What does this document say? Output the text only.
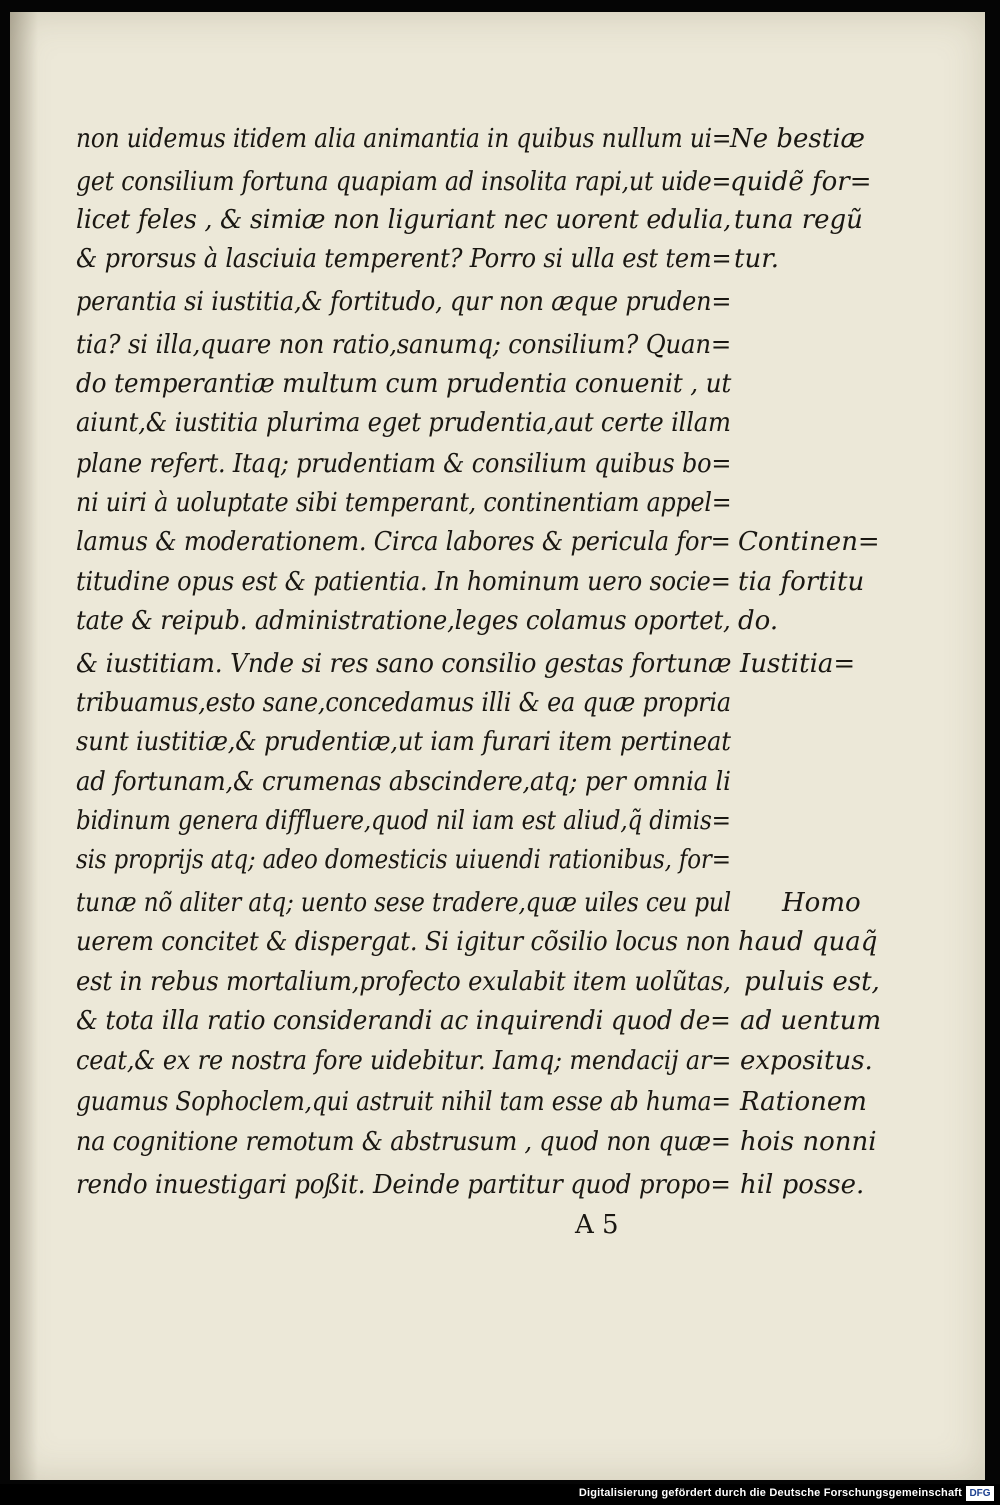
non uidemus itidem alia animantia in quibus nullum ui=
get consilium fortuna quapiam ad insolita rapi,ut uide=
licet feles , & simiæ non liguriant nec uorent edulia,
& prorsus à lasciuia temperent? Porro si ulla est tem=
perantia si iustitia,& fortitudo, qur non æque pruden=
tia? si illa,quare non ratio,sanumq; consilium? Quan=
do temperantiæ multum cum prudentia conuenit , ut
aiunt,& iustitia plurima eget prudentia,aut certe illam
plane refert. Itaq; prudentiam & consilium quibus bo=
ni uiri à uoluptate sibi temperant, continentiam appel=
lamus & moderationem. Circa labores & pericula for=
titudine opus est & patientia. In hominum uero socie=
tate & reipub. administratione,leges colamus oportet,
& iustitiam. Vnde si res sano consilio gestas fortunæ
tribuamus,esto sane,concedamus illi & ea quæ propria
sunt iustitiæ,& prudentiæ,ut iam furari item pertineat
ad fortunam,& crumenas abscindere,atq; per omnia li
bidinum genera diffluere,quod nil iam est aliud,q̃ dimis=
sis proprijs atq; adeo domesticis uiuendi rationibus, for=
tunæ nõ aliter atq; uento sese tradere,quæ uiles ceu pul
uerem concitet & dispergat. Si igitur cõsilio locus non
est in rebus mortalium,profecto exulabit item uolũtas,
& tota illa ratio considerandi ac inquirendi quod de=
ceat,& ex re nostra fore uidebitur. Iamq; mendacij ar=
guamus Sophoclem,qui astruit nihil tam esse ab huma=
na cognitione remotum & abstrusum , quod non quæ=
rendo inuestigari poßit. Deinde partitur quod propo=
Ne bestiæ
quidẽ for=
tuna regũ
tur.
Continen=
tia fortitu
do.
Iustitia=
Homo
haud quaq̃
puluis est,
ad uentum
expositus.
Rationem
hois nonni
hil posse.
A 5
Digitalisierung gefördert durch die Deutsche Forschungsgemeinschaft DFG
